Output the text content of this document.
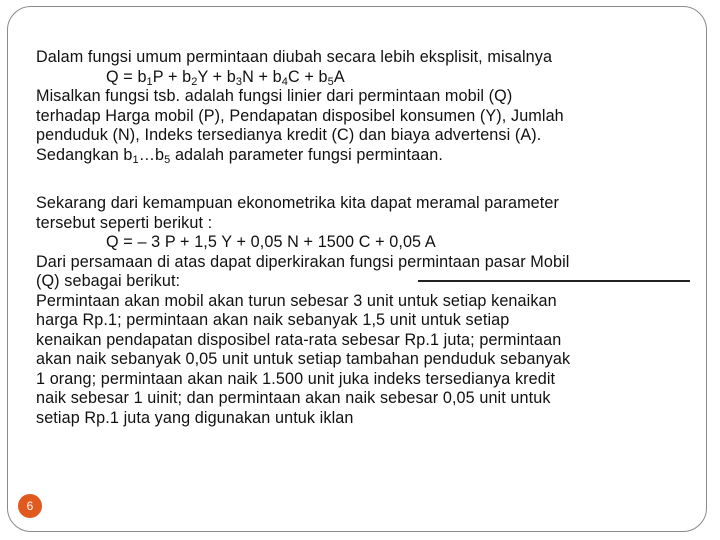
Dalam fungsi umum permintaan diubah secara lebih eksplisit, misalnya

$Q = b_1P + b_2Y + b_3N + b_4C + b_5A$

Misalkan fungsi tsb. adalah fungsi linier dari permintaan mobil (Q)

terhadap Harga mobil (P), Pendapatan disposibel konsumen (Y), Jumlah

penduduk (N), Indeks tersedianya kredit (C) dan biaya advertensi (A).

Sedangkan $b_1\dots b_5$ adalah parameter fungsi permintaan.

Sekarang dari kemampuan ekonometrika kita dapat meramal parameter

tersebut seperti berikut :

Q = – 3 P + 1,5 Y + 0,05 N + 1500 C + 0,05 A

Dari persamaan di atas dapat diperkirakan fungsi permintaan pasar Mobil

(Q) sebagai berikut:

Permintaan akan mobil akan turun sebesar 3 unit untuk setiap kenaikan

harga Rp.1; permintaan akan naik sebanyak 1,5 unit untuk setiap

kenaikan pendapatan disposibel rata-rata sebesar Rp.1 juta; permintaan

akan naik sebanyak 0,05 unit untuk setiap tambahan penduduk sebanyak

1 orang; permintaan akan naik 1.500 unit juka indeks tersedianya kredit

naik sebesar 1 uinit; dan permintaan akan naik sebesar 0,05 unit untuk

setiap Rp.1 juta yang digunakan untuk iklan

6
